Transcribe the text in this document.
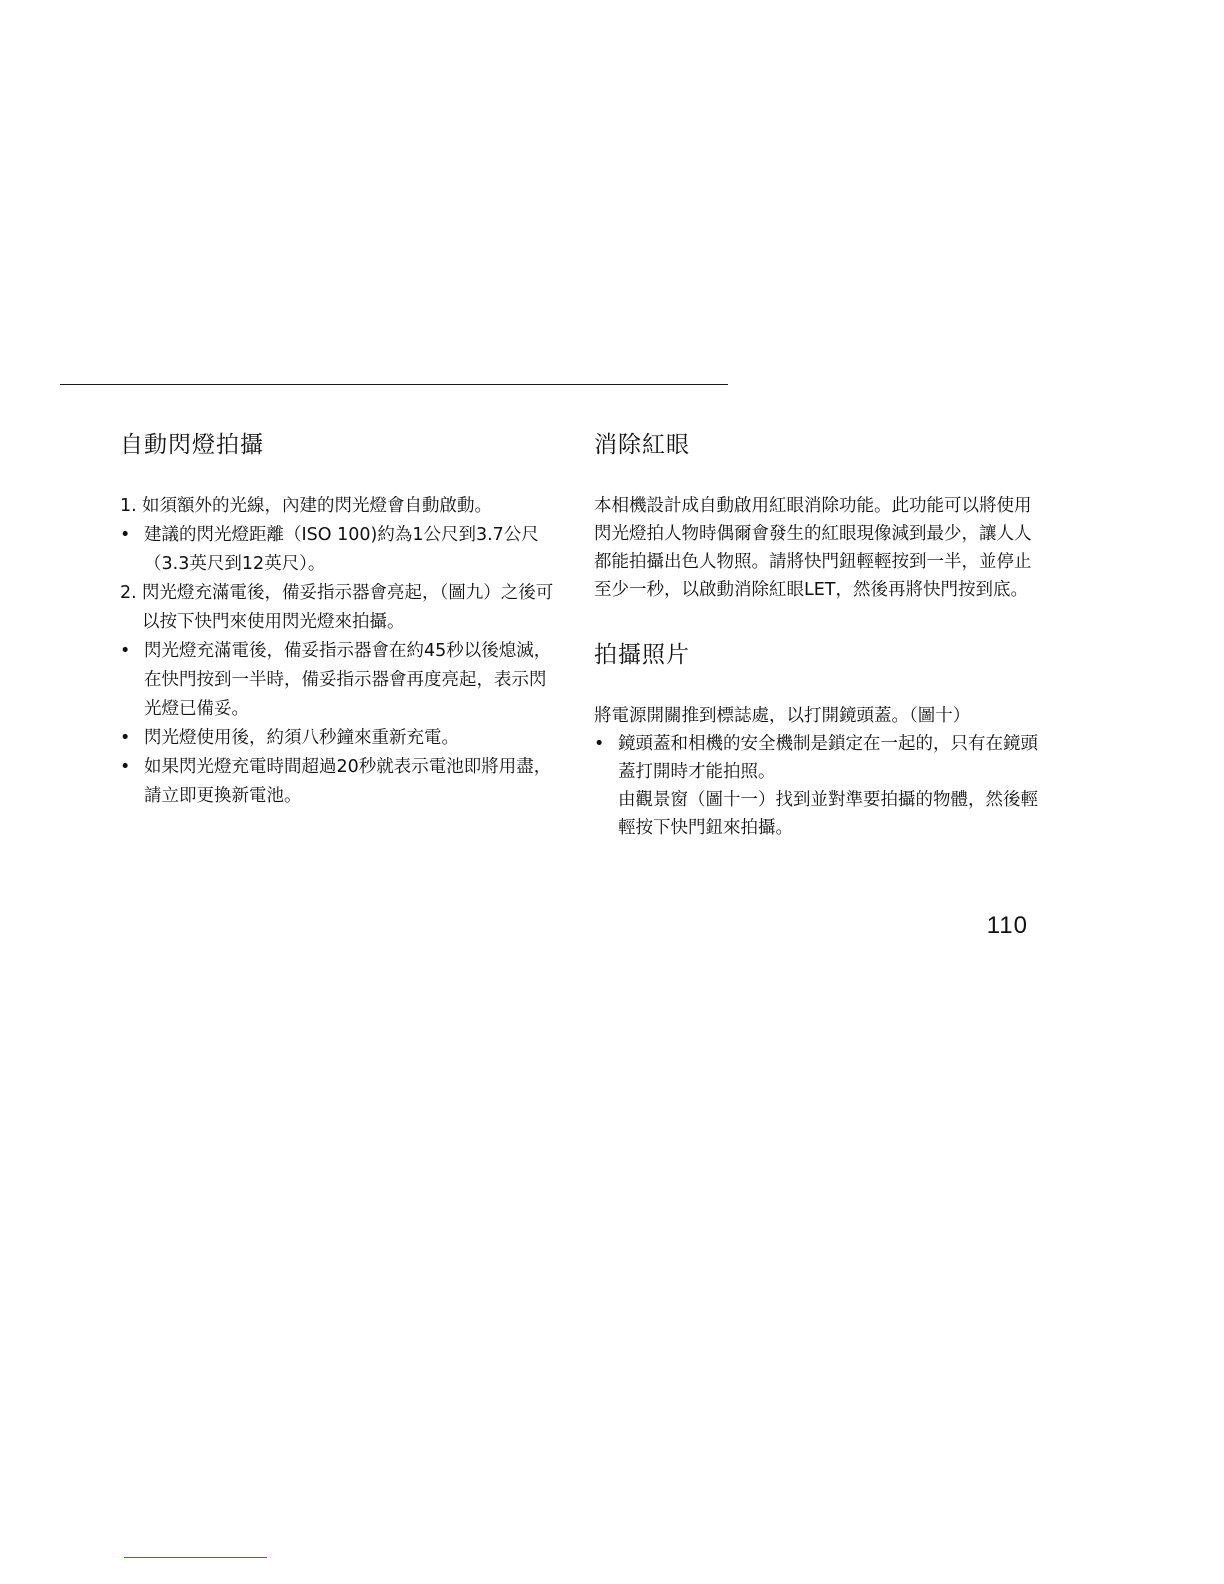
自動閃燈拍攝
1. 如須額外的光線，內建的閃光燈會自動啟動。
• 建議的閃光燈距離（ISO 100)約為1公尺到3.7公尺（3.3英尺到12英尺）。
2. 閃光燈充滿電後，備妥指示器會亮起，（圖九）之後可以按下快門來使用閃光燈來拍攝。
• 閃光燈充滿電後，備妥指示器會在約45秒以後熄滅，在快門按到一半時，備妥指示器會再度亮起，表示閃光燈已備妥。
• 閃光燈使用後，約須八秒鐘來重新充電。
• 如果閃光燈充電時間超過20秒就表示電池即將用盡，請立即更換新電池。
消除紅眼

本相機設計成自動啟用紅眼消除功能。此功能可以將使用閃光燈拍人物時偶爾會發生的紅眼現像減到最少，讓人人都能拍攝出色人物照。請將快門鈕輕輕按到一半，並停止至少一秒，以啟動消除紅眼LET，然後再將快門按到底。

拍攝照片

將電源開關推到標誌處，以打開鏡頭蓋。（圖十）

• 鏡頭蓋和相機的安全機制是鎖定在一起的，只有在鏡頭蓋打開時才能拍照。

由觀景窗（圖十一）找到並對準要拍攝的物體，然後輕輕按下快門鈕來拍攝。

110
